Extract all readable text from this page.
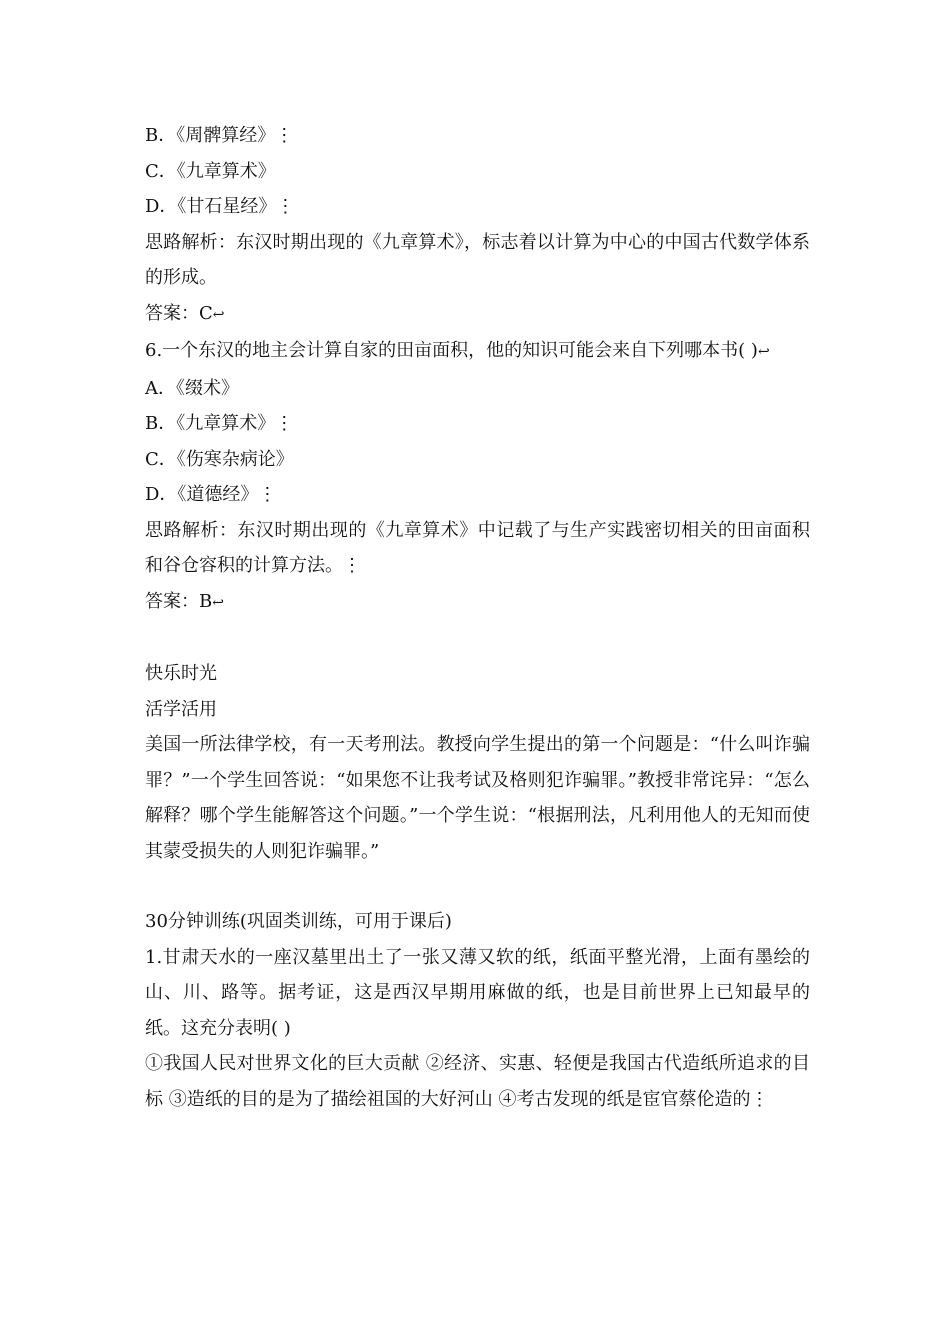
B．《周髀算经》⋮
C．《九章算术》
D．《甘石星经》⋮
思路解析：东汉时期出现的《九章算术》，标志着以计算为中心的中国古代数学体系的形成。
答案：C↩
6.一个东汉的地主会计算自家的田亩面积，他的知识可能会来自下列哪本书( )↩
A．《缀术》
B．《九章算术》⋮
C．《伤寒杂病论》
D．《道德经》⋮
思路解析：东汉时期出现的《九章算术》中记载了与生产实践密切相关的田亩面积和谷仓容积的计算方法。⋮
答案：B↩
快乐时光
活学活用
美国一所法律学校，有一天考刑法。教授向学生提出的第一个问题是：“什么叫诈骗罪？”一个学生回答说：“如果您不让我考试及格则犯诈骗罪。”教授非常诧异：“怎么解释？哪个学生能解答这个问题。”一个学生说：“根据刑法，凡利用他人的无知而使其蒙受损失的人则犯诈骗罪。”
30分钟训练(巩固类训练，可用于课后)
1.甘肃天水的一座汉墓里出土了一张又薄又软的纸，纸面平整光滑，上面有墨绘的山、川、路等。据考证，这是西汉早期用麻做的纸，也是目前世界上已知最早的纸。这充分表明( )
①我国人民对世界文化的巨大贡献 ②经济、实惠、轻便是我国古代造纸所追求的目标 ③造纸的目的是为了描绘祖国的大好河山 ④考古发现的纸是宦官蔡伦造的⋮
